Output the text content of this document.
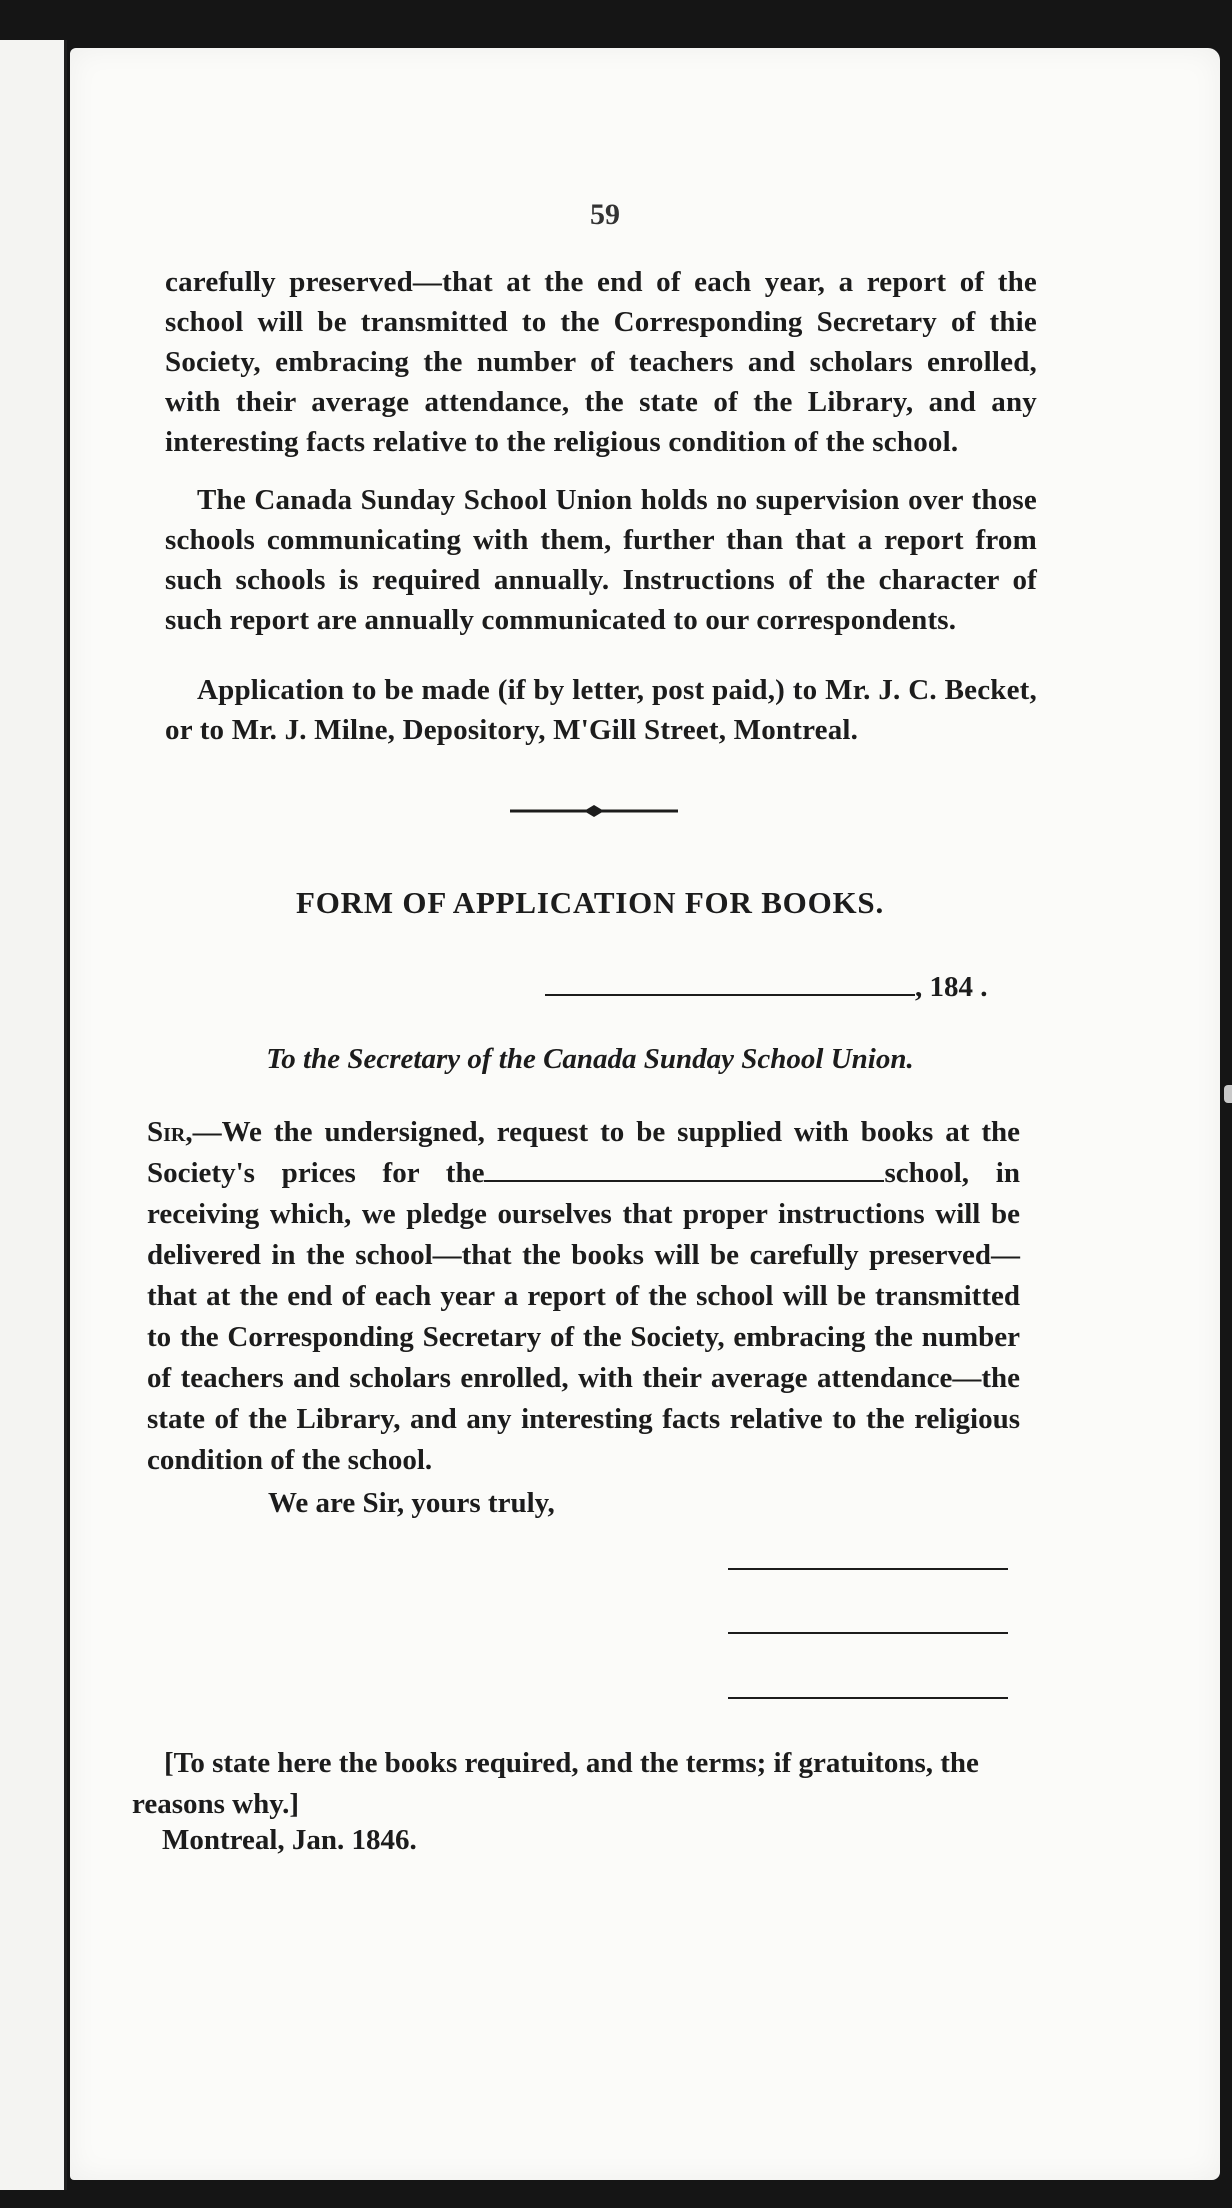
59

carefully preserved—that at the end of each year, a report of the school will be transmitted to the Corresponding Secretary of thie Society, embracing the number of teachers and scholars enrolled, with their average attendance, the state of the Library, and any interesting facts relative to the religious condition of the school.

The Canada Sunday School Union holds no supervision over those schools communicating with them, further than that a report from such schools is required annually. Instructions of the character of such report are annually communicated to our correspondents.

Application to be made (if by letter, post paid,) to Mr. J. C. Becket, or to Mr. J. Milne, Depository, M'Gill Street, Montreal.

FORM OF APPLICATION FOR BOOKS.
, 184 .
To the Secretary of the Canada Sunday School Union.
Sir,—We the undersigned, request to be supplied with books at the Society's prices for the	school, in receiving which, we pledge ourselves that proper instructions will be delivered in the school—that the books will be carefully preserved—that at the end of each year a report of the school will be transmitted to the Corresponding Secretary of the Society, embracing the number of teachers and scholars enrolled, with their average attendance—the state of the Library, and any interesting facts relative to the religious condition of the school.
We are Sir, yours truly,

[To state here the books required, and the terms; if gratuitons, the reasons why.]

Montreal, Jan. 1846.
